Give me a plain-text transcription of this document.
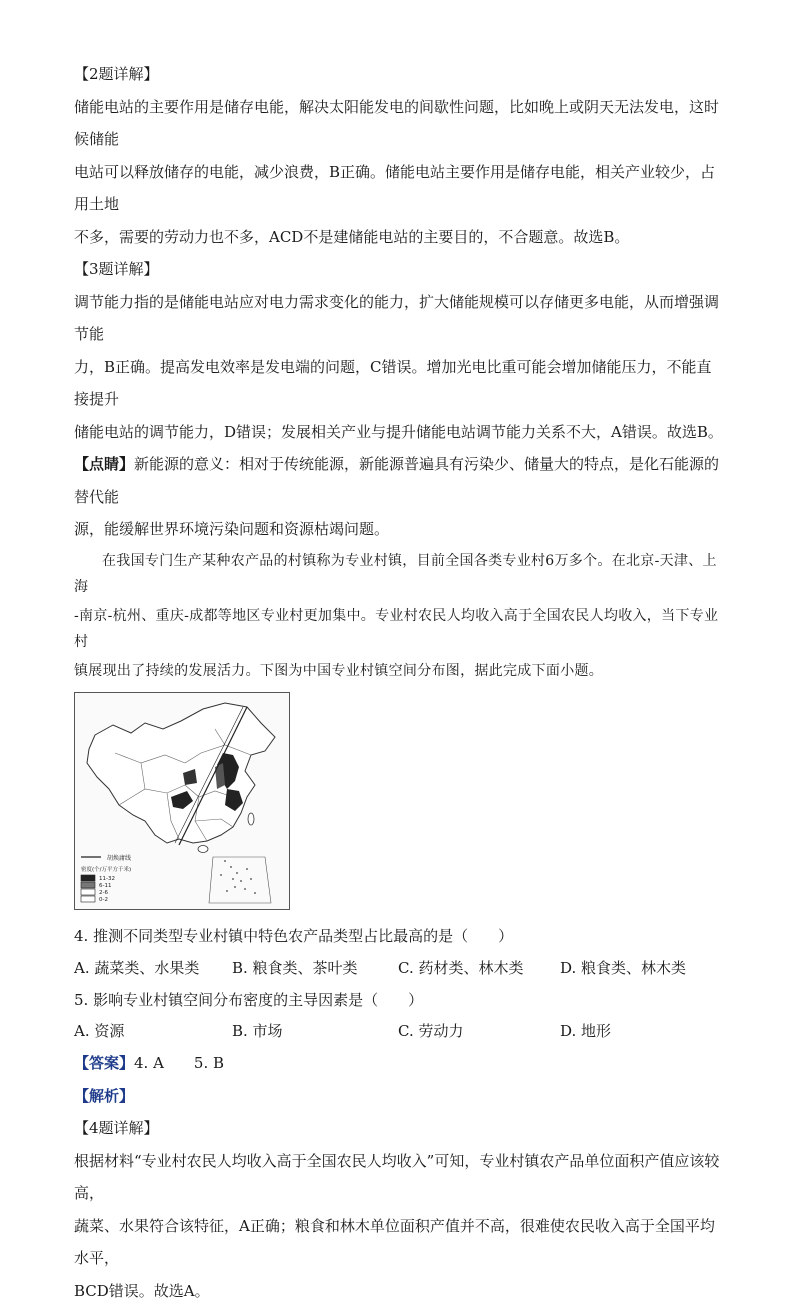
【2题详解】

储能电站的主要作用是储存电能，解决太阳能发电的间歇性问题，比如晚上或阴天无法发电，这时候储能

电站可以释放储存的电能，减少浪费，B正确。储能电站主要作用是储存电能，相关产业较少，占用土地

不多，需要的劳动力也不多，ACD不是建储能电站的主要目的，不合题意。故选B。

【3题详解】

调节能力指的是储能电站应对电力需求变化的能力，扩大储能规模可以存储更多电能，从而增强调节能

力，B正确。提高发电效率是发电端的问题，C错误。增加光电比重可能会增加储能压力，不能直接提升

储能电站的调节能力，D错误；发展相关产业与提升储能电站调节能力关系不大，A错误。故选B。

【点睛】新能源的意义：相对于传统能源，新能源普遍具有污染少、储量大的特点，是化石能源的替代能

源，能缓解世界环境污染问题和资源枯竭问题。

在我国专门生产某种农产品的村镇称为专业村镇，目前全国各类专业村6万多个。在北京-天津、上海

-南京-杭州、重庆-成都等地区专业村更加集中。专业村农民人均收入高于全国农民人均收入，当下专业村

镇展现出了持续的发展活力。下图为中国专业村镇空间分布图，据此完成下面小题。

胡焕庸线
密度(个/万平方千米)
11-32
6-11
2-6
0-2

4. 推测不同类型专业村镇中特色农产品类型占比最高的是（　　）

A. 蔬菜类、水果类	B. 粮食类、茶叶类	C. 药材类、林木类	D. 粮食类、林木类

5. 影响专业村镇空间分布密度的主导因素是（　　）

A. 资源	B. 市场	C. 劳动力	D. 地形

【答案】4. A　　5. B

【解析】

【4题详解】

根据材料“专业村农民人均收入高于全国农民人均收入”可知，专业村镇农产品单位面积产值应该较高，

蔬菜、水果符合该特征，A正确；粮食和林木单位面积产值并不高，很难使农民收入高于全国平均水平，

BCD错误。故选A。
